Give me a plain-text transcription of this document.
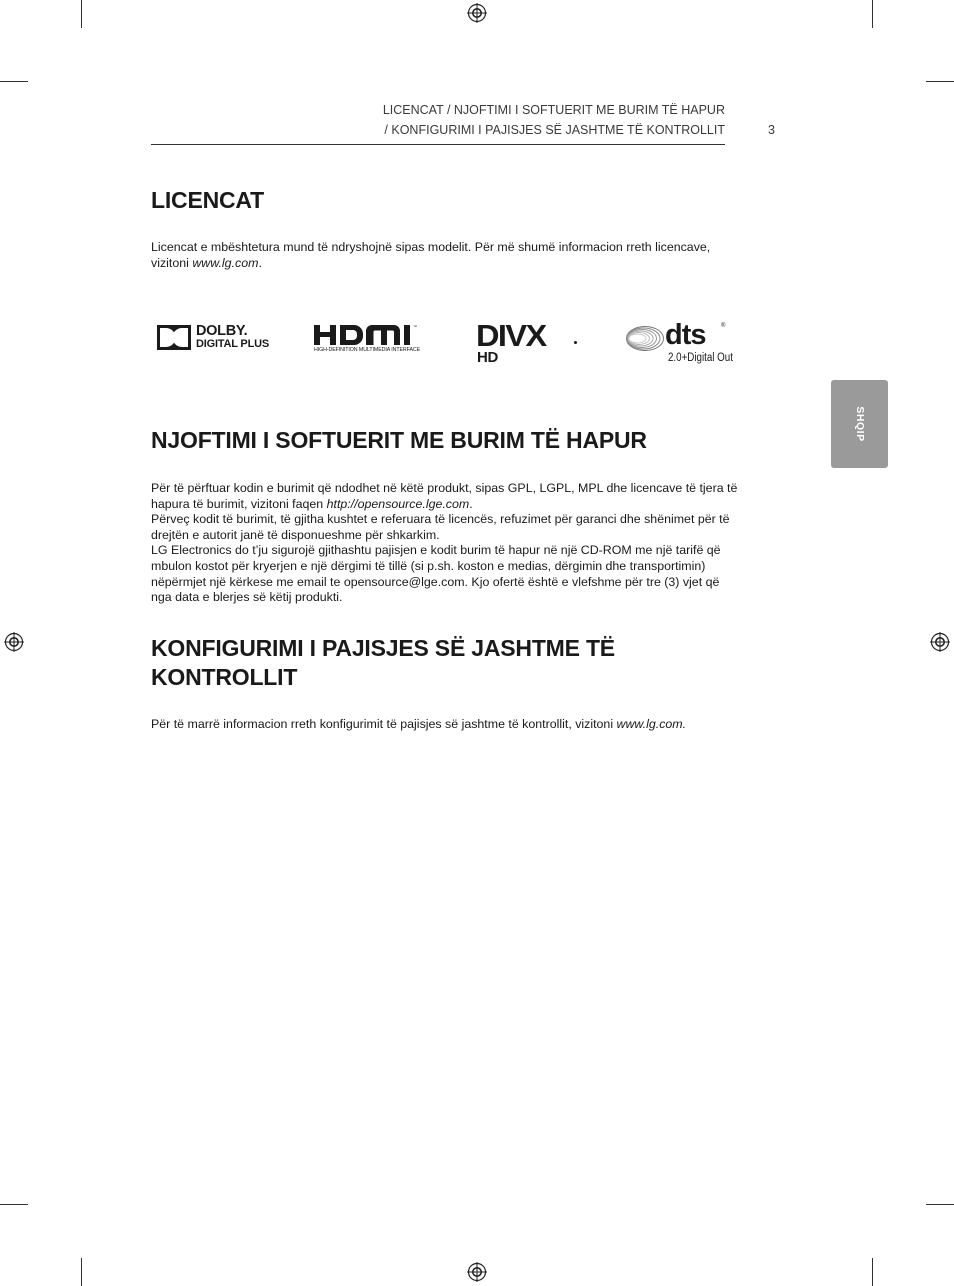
LICENCAT / NJOFTIMI I SOFTUERIT ME BURIM TË HAPUR
/ KONFIGURIMI I PAJISJES SË JASHTME TË KONTROLLIT	3
SHQIP
LICENCAT

Licencat e mbështetura mund të ndryshojnë sipas modelit. Për më shumë informacion rreth licencave,
vizitoni www.lg.com.

DOLBY.
DIGITAL PLUS
™
HIGH-DEFINITION MULTIMEDIA INTERFACE DIVX
HD
dts	®
2.0+Digital Out
NJOFTIMI I SOFTUERIT ME BURIM TË HAPUR

Për të përftuar kodin e burimit që ndodhet në këtë produkt, sipas GPL, LGPL, MPL dhe licencave të tjera të
hapura të burimit, vizitoni faqen http://opensource.lge.com.
Përveç kodit të burimit, të gjitha kushtet e referuara të licencës, refuzimet për garanci dhe shënimet për të
drejtën e autorit janë të disponueshme për shkarkim.
LG Electronics do t’ju sigurojë gjithashtu pajisjen e kodit burim të hapur në një CD-ROM me një tarifë që
mbulon kostot për kryerjen e një dërgimi të tillë (si p.sh. koston e medias, dërgimin dhe transportimin)
nëpërmjet një kërkese me email te opensource@lge.com. Kjo ofertë është e vlefshme për tre (3) vjet që
nga data e blerjes së këtij produkti.

KONFIGURIMI I PAJISJES SË JASHTME TË
KONTROLLIT

Për të marrë informacion rreth konfigurimit të pajisjes së jashtme të kontrollit, vizitoni www.lg.com.
